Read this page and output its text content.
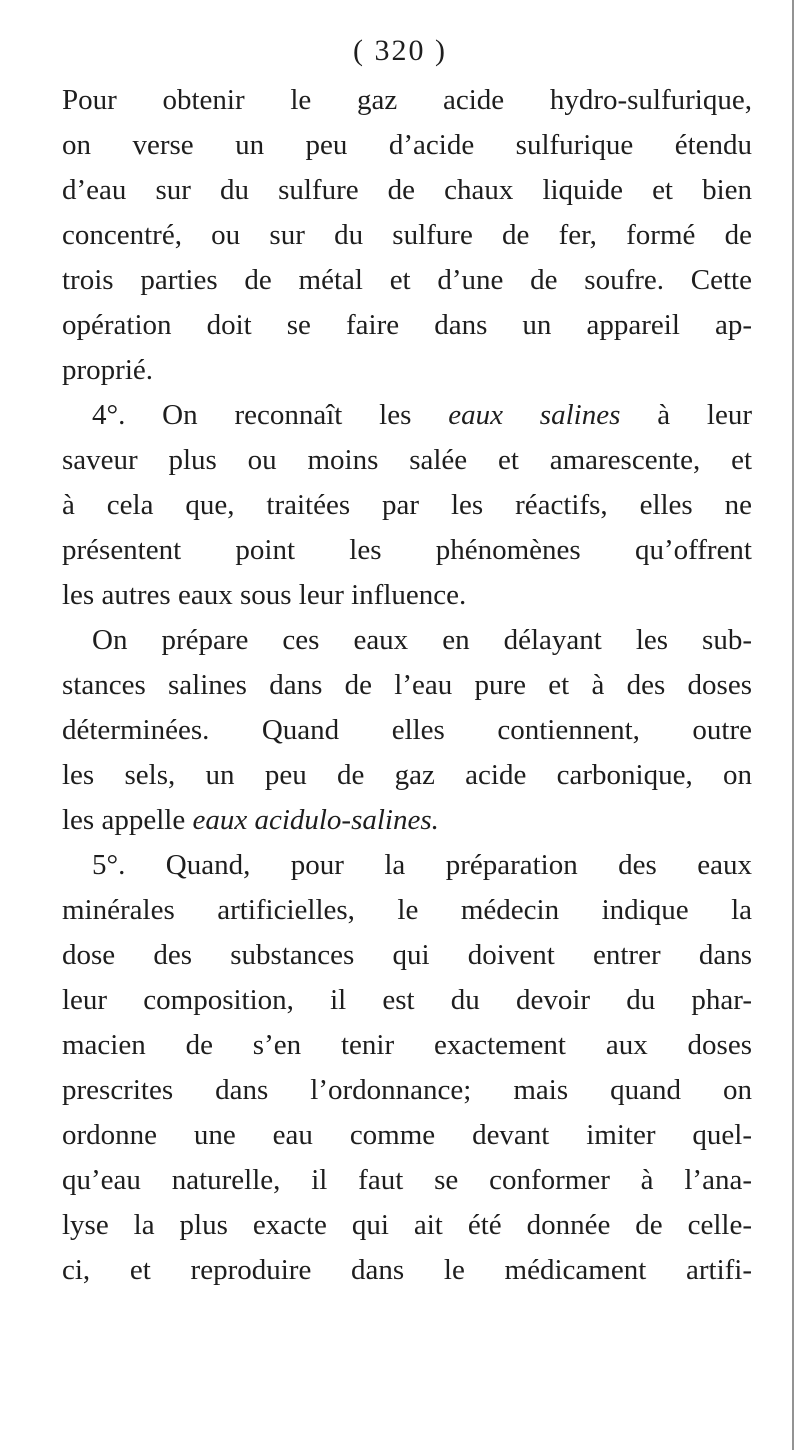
( 320 )
Pour obtenir le gaz acide hydro-sulfurique,
on verse un peu d’acide sulfurique étendu
d’eau sur du sulfure de chaux liquide et bien
concentré, ou sur du sulfure de fer, formé de
trois parties de métal et d’une de soufre. Cette
opération doit se faire dans un appareil ap-
proprié.
4°. On reconnaît les eaux salines à leur
saveur plus ou moins salée et amarescente, et
à cela que, traitées par les réactifs, elles ne
présentent point les phénomènes qu’offrent
les autres eaux sous leur influence.
On prépare ces eaux en délayant les sub-
stances salines dans de l’eau pure et à des doses
déterminées. Quand elles contiennent, outre
les sels, un peu de gaz acide carbonique, on
les appelle eaux acidulo-salines.
5°. Quand, pour la préparation des eaux
minérales artificielles, le médecin indique la
dose des substances qui doivent entrer dans
leur composition, il est du devoir du phar-
macien de s’en tenir exactement aux doses
prescrites dans l’ordonnance; mais quand on
ordonne une eau comme devant imiter quel-
qu’eau naturelle, il faut se conformer à l’ana-
lyse la plus exacte qui ait été donnée de celle-
ci, et reproduire dans le médicament artifi-
